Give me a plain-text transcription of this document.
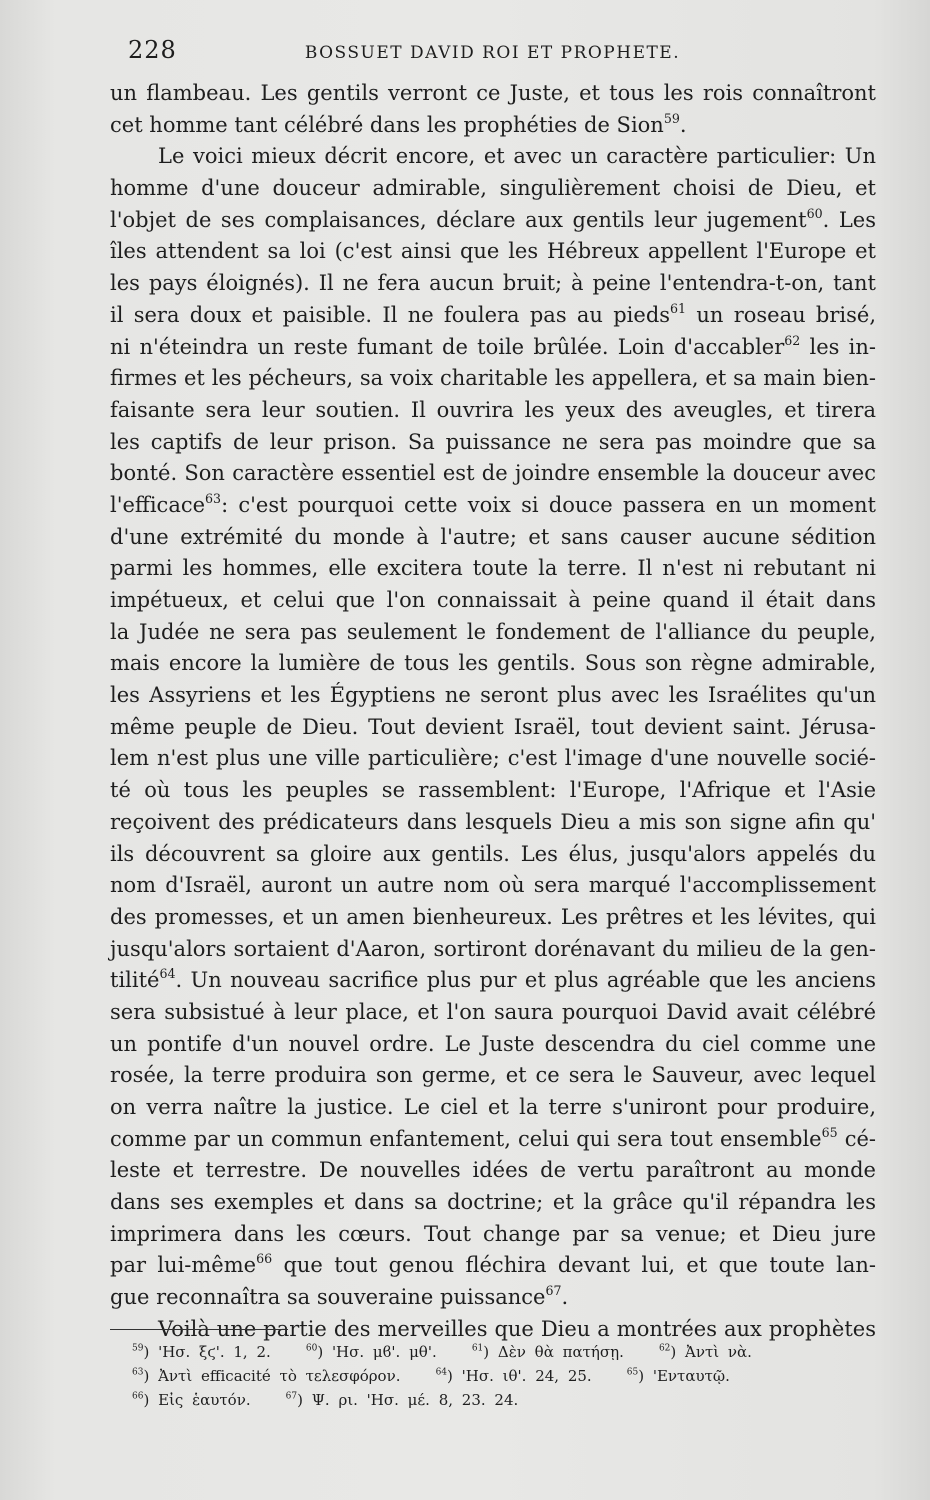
228	BOSSUET DAVID ROI ET PROPHETE.
un flambeau. Les gentils verront ce Juste, et tous les rois connaîtront
cet homme tant célébré dans les prophéties de Sion$^{59}$.
Le voici mieux décrit encore, et avec un caractère particulier: Un
homme d'une douceur admirable, singulièrement choisi de Dieu, et
l'objet de ses complaisances, déclare aux gentils leur jugement$^{60}$. Les
îles attendent sa loi (c'est ainsi que les Hébreux appellent l'Europe et
les pays éloignés). Il ne fera aucun bruit; à peine l'entendra-t-on, tant
il sera doux et paisible. Il ne foulera pas au pieds$^{61}$ un roseau brisé,
ni n'éteindra un reste fumant de toile brûlée. Loin d'accabler$^{62}$ les in-
firmes et les pécheurs, sa voix charitable les appellera, et sa main bien-
faisante sera leur soutien. Il ouvrira les yeux des aveugles, et tirera
les captifs de leur prison. Sa puissance ne sera pas moindre que sa
bonté. Son caractère essentiel est de joindre ensemble la douceur avec
l'efficace$^{63}$: c'est pourquoi cette voix si douce passera en un moment
d'une extrémité du monde à l'autre; et sans causer aucune sédition
parmi les hommes, elle excitera toute la terre. Il n'est ni rebutant ni
impétueux, et celui que l'on connaissait à peine quand il était dans
la Judée ne sera pas seulement le fondement de l'alliance du peuple,
mais encore la lumière de tous les gentils. Sous son règne admirable,
les Assyriens et les Égyptiens ne seront plus avec les Israélites qu'un
même peuple de Dieu. Tout devient Israël, tout devient saint. Jérusa-
lem n'est plus une ville particulière; c'est l'image d'une nouvelle socié-
té où tous les peuples se rassemblent: l'Europe, l'Afrique et l'Asie
reçoivent des prédicateurs dans lesquels Dieu a mis son signe afin qu'
ils découvrent sa gloire aux gentils. Les élus, jusqu'alors appelés du
nom d'Israël, auront un autre nom où sera marqué l'accomplissement
des promesses, et un amen bienheureux. Les prêtres et les lévites, qui
jusqu'alors sortaient d'Aaron, sortiront dorénavant du milieu de la gen-
tilité$^{64}$. Un nouveau sacrifice plus pur et plus agréable que les anciens
sera subsistué à leur place, et l'on saura pourquoi David avait célébré
un pontife d'un nouvel ordre. Le Juste descendra du ciel comme une
rosée, la terre produira son germe, et ce sera le Sauveur, avec lequel
on verra naître la justice. Le ciel et la terre s'uniront pour produire,
comme par un commun enfantement, celui qui sera tout ensemble$^{65}$ cé-
leste et terrestre. De nouvelles idées de vertu paraîtront au monde
dans ses exemples et dans sa doctrine; et la grâce qu'il répandra les
imprimera dans les cœurs. Tout change par sa venue; et Dieu jure
par lui-même$^{66}$ que tout genou fléchira devant lui, et que toute lan-
gue reconnaîtra sa souveraine puissance$^{67}$.
Voilà une partie des merveilles que Dieu a montrées aux prophètes
$^{59}$) 'Ησ. ξϛ'. 1, 2.	$^{60}$) 'Ησ. μϐ'. μθ'.	$^{61}$) Δὲν θὰ πατήσῃ.	$^{62}$) Ἀντὶ νὰ.
$^{63}$) Ἀντὶ efficacité τὸ τελεσφόρον.	$^{64}$) 'Ησ. ιθ'. 24, 25.	$^{65}$) 'Ενταυτῷ.
$^{66}$) Εἰς ἑαυτόν.	$^{67}$) Ψ. ρι. 'Ησ. μέ. 8, 23. 24.
